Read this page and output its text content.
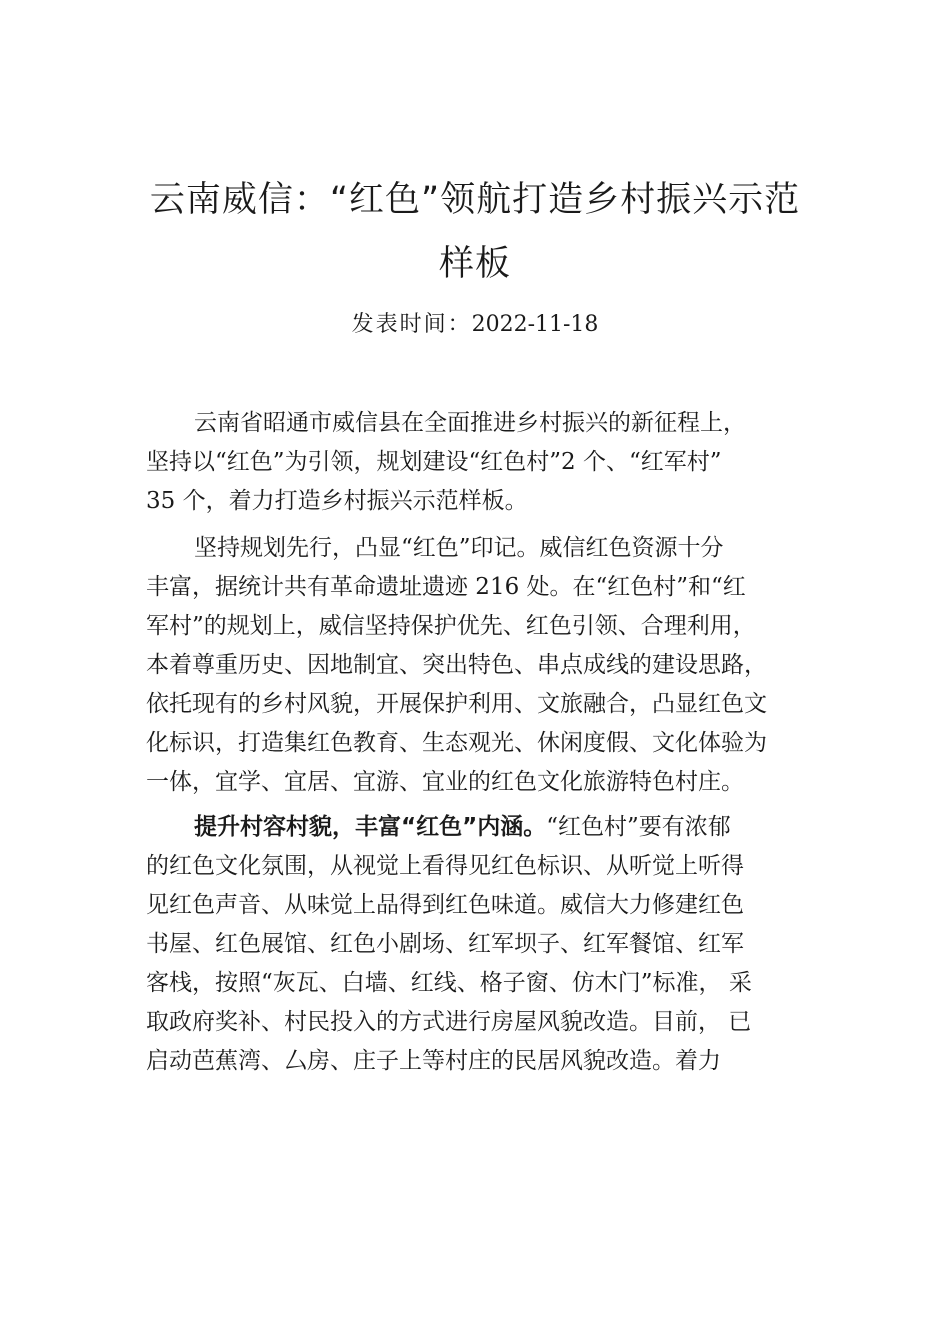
云南威信：“红色”领航打造乡村振兴示范
样板
发表时间：2022-11-18

云南省昭通市威信县在全面推进乡村振兴的新征程上，
坚持以“红色”为引领，规划建设“红色村”2 个、“红军村”
35 个，着力打造乡村振兴示范样板。

坚持规划先行，凸显“红色”印记。威信红色资源十分
丰富，据统计共有革命遗址遗迹 216 处。在“红色村”和“红
军村”的规划上，威信坚持保护优先、红色引领、合理利用，
本着尊重历史、因地制宜、突出特色、串点成线的建设思路，
依托现有的乡村风貌，开展保护利用、文旅融合，凸显红色文
化标识，打造集红色教育、生态观光、休闲度假、文化体验为
一体，宜学、宜居、宜游、宜业的红色文化旅游特色村庄。

提升村容村貌，丰富“红色”内涵。“红色村”要有浓郁
的红色文化氛围，从视觉上看得见红色标识、从听觉上听得
见红色声音、从味觉上品得到红色味道。威信大力修建红色
书屋、红色展馆、红色小剧场、红军坝子、红军餐馆、红军
客栈，按照“灰瓦、白墙、红线、格子窗、仿木门”标准， 采
取政府奖补、村民投入的方式进行房屋风貌改造。目前， 已
启动芭蕉湾、厶房、庄子上等村庄的民居风貌改造。着力
